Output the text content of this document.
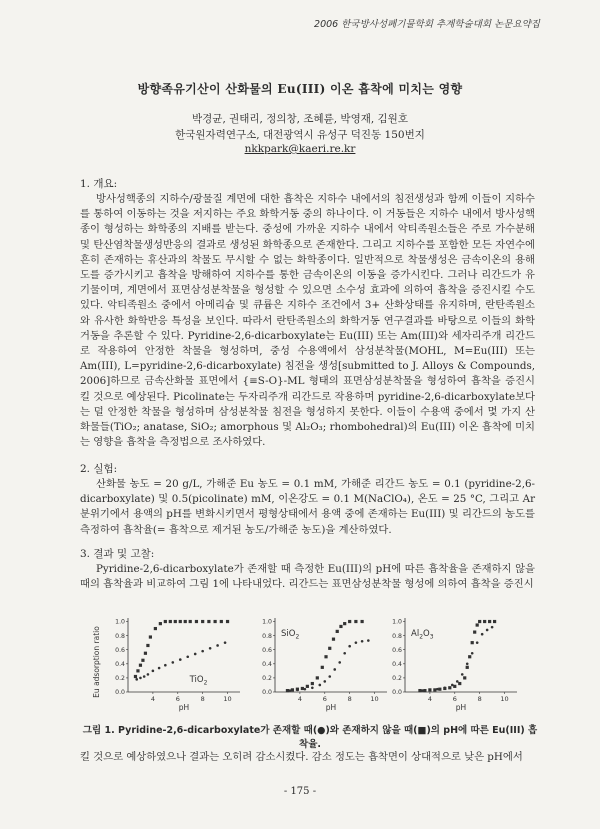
2006 한국방사성폐기물학회 추계학술대회 논문요약집
방향족유기산이 산화물의 Eu(III) 이온 흡착에 미치는 영향
박경균, 권태리, 정의창, 조혜륜, 박영재, 김원호
한국원자력연구소, 대전광역시 유성구 덕진동 150번지
nkkpark@kaeri.re.kr
1. 개요:

방사성핵종의 지하수/광물질 계면에 대한 흡착은 지하수 내에서의 침전생성과 함께 이들이 지하수를 통하여 이동하는 것을 저지하는 주요 화학거동 중의 하나이다. 이 거동들은 지하수 내에서 방사성핵종이 형성하는 화학종의 지배를 받는다. 중성에 가까운 지하수 내에서 악티족원소들은 주로 가수분해 및 탄산염착물생성반응의 결과로 생성된 화학종으로 존재한다. 그리고 지하수를 포함한 모든 자연수에 흔히 존재하는 휴산과의 착물도 무시할 수 없는 화학종이다. 일반적으로 착물생성은 금속이온의 용해도를 증가시키고 흡착을 방해하여 지하수를 통한 금속이온의 이동을 증가시킨다. 그러나 리간드가 유기물이며, 계면에서 표면삼성분착물을 형성할 수 있으면 소수성 효과에 의하여 흡착을 증진시킬 수도 있다. 악티족원소 중에서 아메리슘 및 큐륨은 지하수 조건에서 3+ 산화상태를 유지하며, 란탄족원소와 유사한 화학반응 특성을 보인다. 따라서 란탄족원소의 화학거동 연구결과를 바탕으로 이들의 화학거동을 추론할 수 있다. Pyridine-2,6-dicarboxylate는 Eu(III) 또는 Am(III)와 세자리주개 리간드로 작용하여 안정한 착물을 형성하며, 중성 수용액에서 삼성분착물(MOHL, M=Eu(III) 또는 Am(III), L=pyridine-2,6-dicarboxylate) 침전을 생성[submitted to J. Alloys & Compounds, 2006]하므로 금속산화물 표면에서 {≡S-O}-ML 형태의 표면삼성분착물을 형성하여 흡착을 증진시킬 것으로 예상된다. Picolinate는 두자리주개 리간드로 작용하며 pyridine-2,6-dicarboxylate보다는 덜 안정한 착물을 형성하며 삼성분착물 침전을 형성하지 못한다. 이들이 수용액 중에서 몇 가지 산화물들(TiO₂; anatase, SiO₂; amorphous 및 Al₂O₃; rhombohedral)의 Eu(III) 이온 흡착에 미치는 영향을 흡착을 측정법으로 조사하였다.

2. 실험:

산화물 농도 = 20 g/L, 가해준 Eu 농도 = 0.1 mM, 가해준 리간드 농도 = 0.1 (pyridine-2,6-dicarboxylate) 및 0.5(picolinate) mM, 이온강도 = 0.1 M(NaClO₄), 온도 = 25 °C, 그리고 Ar 분위기에서 용액의 pH를 변화시키면서 평형상태에서 용액 중에 존재하는 Eu(III) 및 리간드의 농도를 측정하여 흡착율(= 흡착으로 제거된 농도/가해준 농도)을 계산하였다.

3. 결과 및 고찰:

Pyridine-2,6-dicarboxylate가 존재할 때 측정한 Eu(III)의 pH에 따른 흡착율을 존재하지 않을 때의 흡착율과 비교하여 그림 1에 나타내었다. 리간드는 표면삼성분착물 형성에 의하여 흡착을 증진시

Eu adsorption ratio 0.0
0.2
0.4
0.6
0.8
1.0
4	6	8	10
pH
TiO$_2$
0.0
0.2
0.4
0.6
0.8
1.0
4	6	8	10
pH
SiO$_2$
0.0
0.2
0.4
0.6
0.8
1.0
4	6	8	10
pH
$Al_2O_3$
그림 1. Pyridine-2,6-dicarboxylate가 존재할 때(●)와 존재하지 않을 때(■)의 pH에 따른 Eu(III) 흡착율.

킬 것으로 예상하였으나 결과는 오히려 감소시켰다. 감소 정도는 흡착면이 상대적으로 낮은 pH에서

- 175 -
